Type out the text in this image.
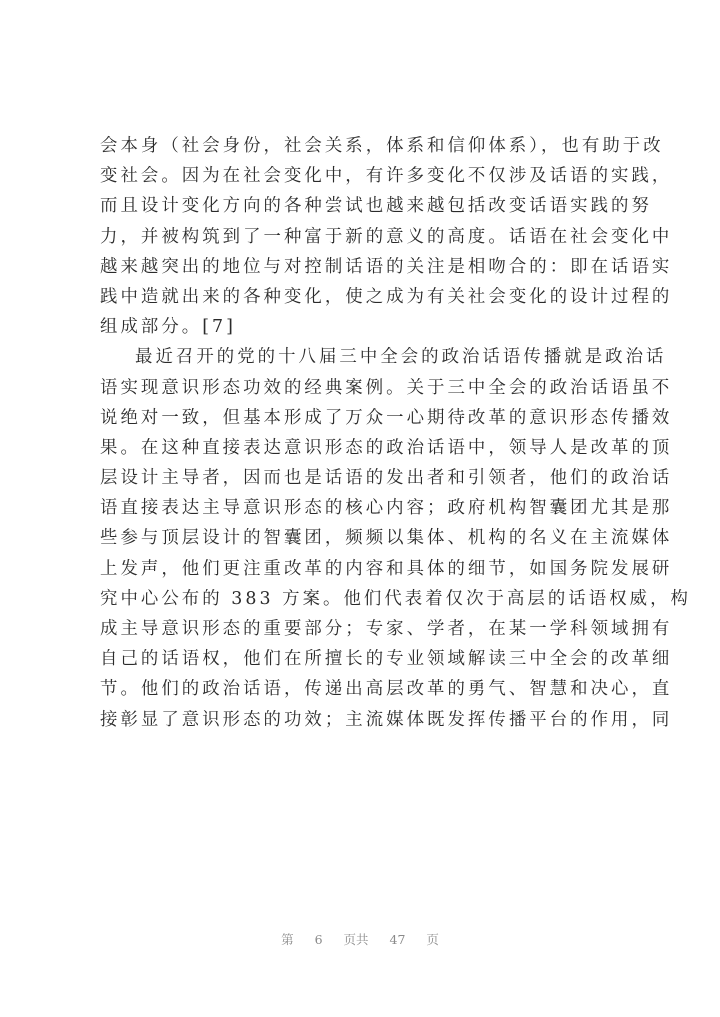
会本身（社会身份，社会关系，体系和信仰体系），也有助于改
变社会。因为在社会变化中，有许多变化不仅涉及话语的实践，
而且设计变化方向的各种尝试也越来越包括改变话语实践的努
力，并被构筑到了一种富于新的意义的高度。话语在社会变化中
越来越突出的地位与对控制话语的关注是相吻合的：即在话语实
践中造就出来的各种变化，使之成为有关社会变化的设计过程的
组成部分。[7]
最近召开的党的十八届三中全会的政治话语传播就是政治话
语实现意识形态功效的经典案例。关于三中全会的政治话语虽不
说绝对一致，但基本形成了万众一心期待改革的意识形态传播效
果。在这种直接表达意识形态的政治话语中，领导人是改革的顶
层设计主导者，因而也是话语的发出者和引领者，他们的政治话
语直接表达主导意识形态的核心内容；政府机构智囊团尤其是那
些参与顶层设计的智囊团，频频以集体、机构的名义在主流媒体
上发声，他们更注重改革的内容和具体的细节，如国务院发展研
究中心公布的 383 方案。他们代表着仅次于高层的话语权威，构
成主导意识形态的重要部分；专家、学者，在某一学科领域拥有
自己的话语权，他们在所擅长的专业领域解读三中全会的改革细
节。他们的政治话语，传递出高层改革的勇气、智慧和决心，直
接彰显了意识形态的功效；主流媒体既发挥传播平台的作用，同
第 6 页共 47 页
